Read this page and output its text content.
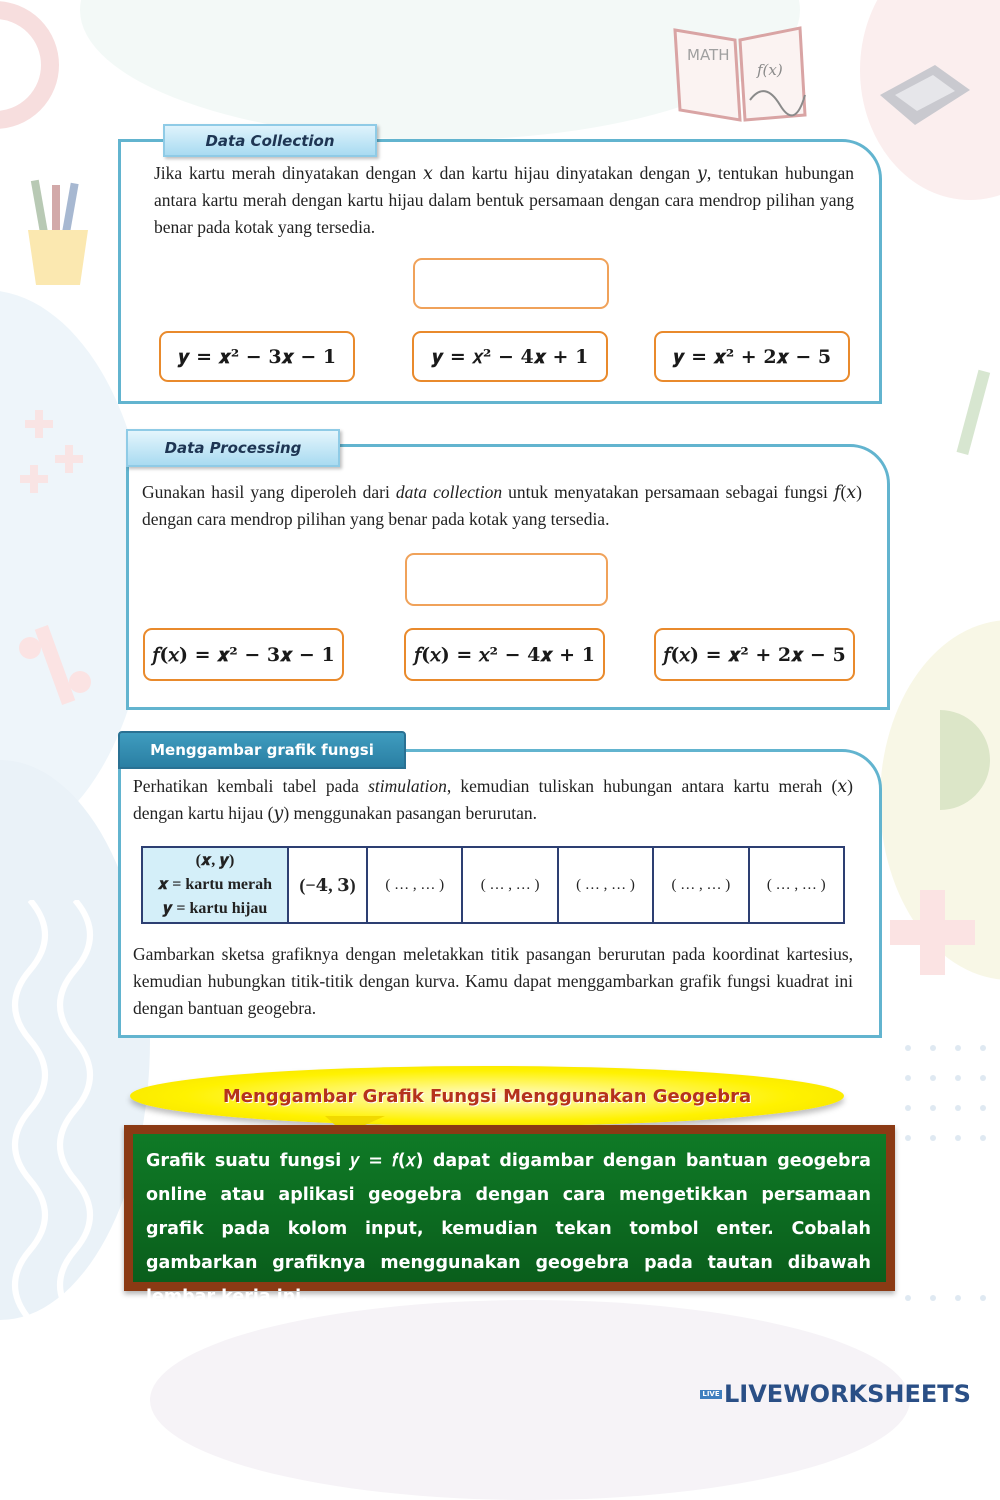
MATH
f(x)
Data Collection
Jika kartu merah dinyatakan dengan 𝑥 dan kartu hijau dinyatakan dengan 𝑦, tentukan hubungan antara kartu merah dengan kartu hijau dalam bentuk persamaan dengan cara mendrop pilihan yang benar pada kotak yang tersedia.
𝒚 = 𝒙² − 𝟑𝒙 − 𝟏	𝒚 = 𝑥² − 𝟒𝒙 + 𝟏	𝒚 = 𝒙² + 𝟐𝒙 − 𝟓
Data Processing
Gunakan hasil yang diperoleh dari data collection untuk menyatakan persamaan sebagai fungsi 𝑓(𝑥) dengan cara mendrop pilihan yang benar pada kotak yang tersedia.
𝑓(𝑥) = 𝒙² − 𝟑𝒙 − 𝟏	𝑓(𝑥) = 𝑥² − 𝟒𝒙 + 𝟏	𝑓(𝑥) = 𝒙² + 𝟐𝒙 − 𝟓
Menggambar grafik fungsi
Perhatikan kembali tabel pada stimulation, kemudian tuliskan hubungan antara kartu merah (𝑥) dengan kartu hijau (𝑦) menggunakan pasangan berurutan.
(𝒙, 𝒚)
𝒙 = kartu merah
𝒚 = kartu hijau
	(−𝟒, 𝟑)	( … , … )	( … , … )	( … , … )	( … , … )	( … , … )
Gambarkan sketsa grafiknya dengan meletakkan titik pasangan berurutan pada koordinat kartesius, kemudian hubungkan titik-titik dengan kurva. Kamu dapat menggambarkan grafik fungsi kuadrat ini dengan bantuan geogebra.
Menggambar Grafik Fungsi Menggunakan Geogebra
Grafik suatu fungsi 𝑦 = 𝑓(𝑥) dapat digambar dengan bantuan geogebra online atau aplikasi geogebra dengan cara mengetikkan persamaan grafik pada kolom input, kemudian tekan tombol enter. Cobalah gambarkan grafiknya menggunakan geogebra pada tautan dibawah lembar kerja ini.
LIVE LIVEWORKSHEETS
